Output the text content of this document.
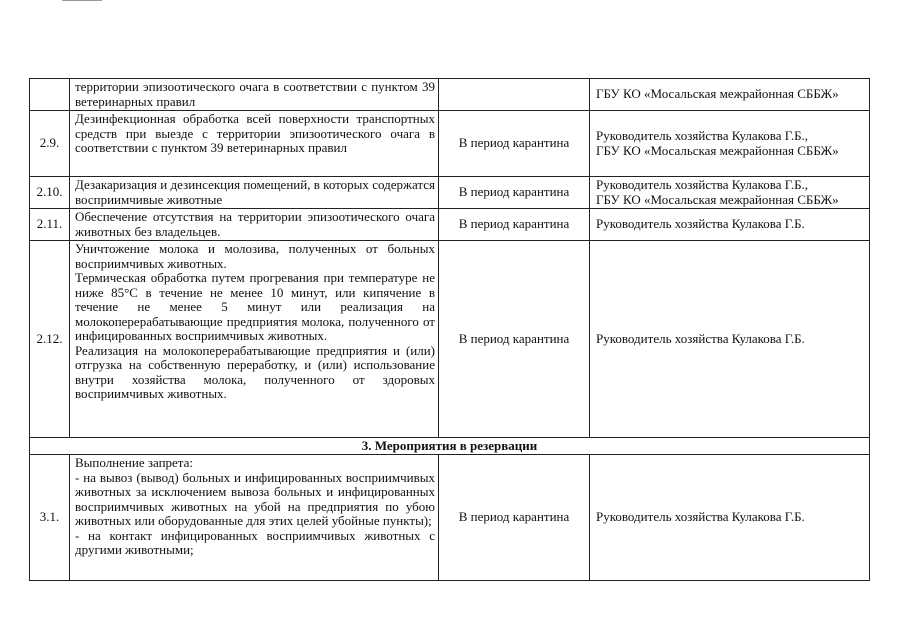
	территории эпизоотического очага в соответствии с пунктом 39 ветеринарных правил		ГБУ КО «Мосальская межрайонная СББЖ»

2.9.	Дезинфекционная обработка всей поверхности транспортных средств при выезде с территории эпизоотического очага в соответствии с пунктом 39 ветеринарных правил	В период карантина	Руководитель хозяйства Кулакова Г.Б.,
ГБУ КО «Мосальская межрайонная СББЖ»

2.10.	Дезакаризация и дезинсекция помещений, в которых содержатся восприимчивые животные	В период карантина	Руководитель хозяйства Кулакова Г.Б.,
ГБУ КО «Мосальская межрайонная СББЖ»

2.11.	Обеспечение отсутствия на территории эпизоотического очага животных без владельцев.	В период карантина	Руководитель хозяйства Кулакова Г.Б.

2.12.	Уничтожение молока и молозива, полученных от больных восприимчивых животных.
Термическая обработка путем прогревания при температуре не ниже 85°С в течение не менее 10 минут, или кипячение в течение не менее 5 минут или реализация на молокоперерабатывающие предприятия молока, полученного от инфицированных восприимчивых животных.
Реализация на молокоперерабатывающие предприятия и (или) отгрузка на собственную переработку, и (или) использование внутри хозяйства молока, полученного от здоровых восприимчивых животных.	В период карантина	Руководитель хозяйства Кулакова Г.Б.

3. Мероприятия в резервации			
3.1.	Выполнение запрета:
- на вывоз (вывод) больных и инфицированных восприимчивых животных за исключением вывоза больных и инфицированных восприимчивых животных на убой на предприятия по убою животных или оборудованные для этих целей убойные пункты);
- на контакт инфицированных восприимчивых животных с другими животными;	В период карантина	Руководитель хозяйства Кулакова Г.Б.
